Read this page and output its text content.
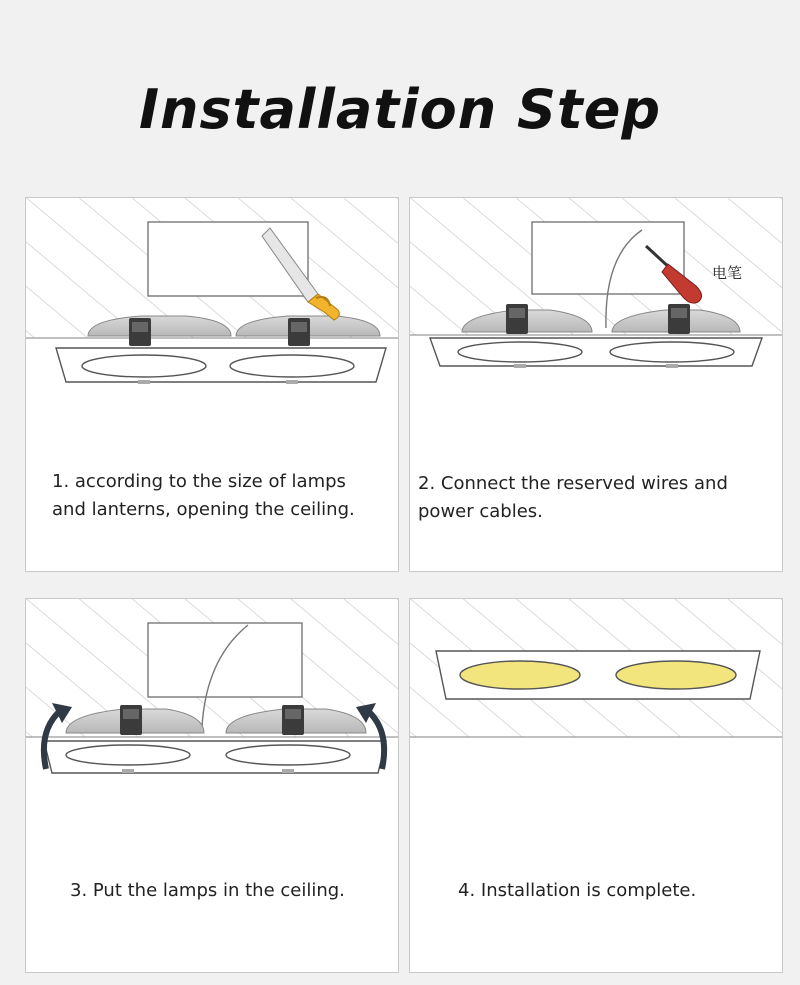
Installation Step
1. according to the size of lamps
and lanterns, opening the ceiling.
电笔
2. Connect the reserved wires and
power cables.
3. Put the lamps in the ceiling.	4. Installation is complete.
